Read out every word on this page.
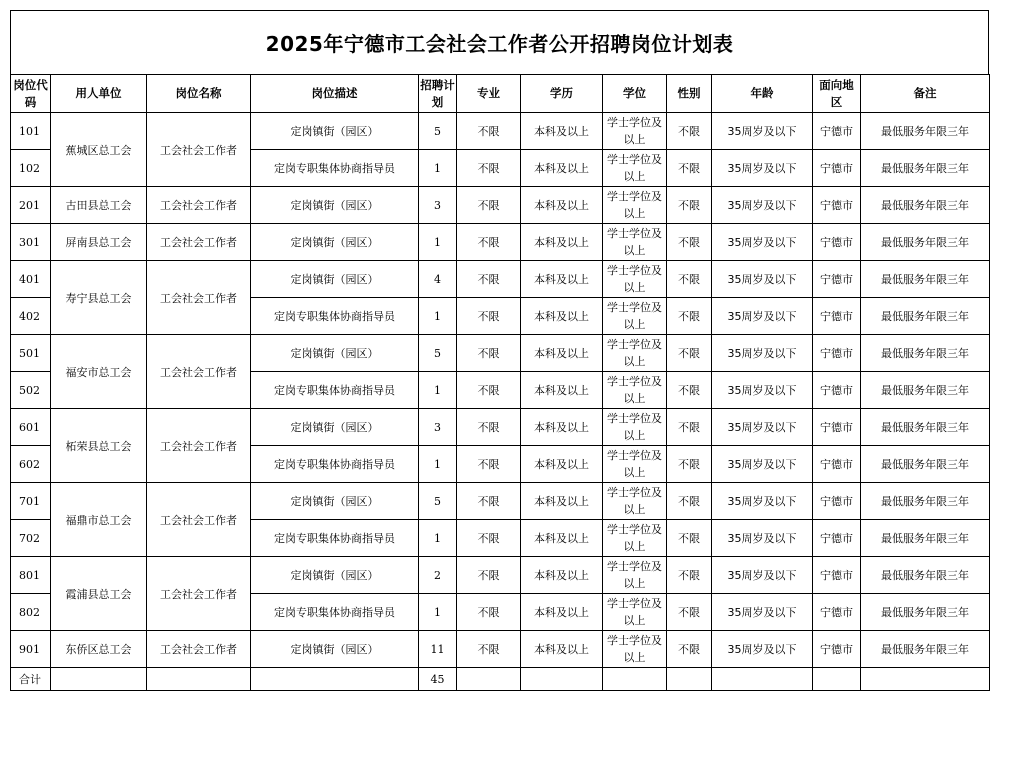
2025年宁德市工会社会工作者公开招聘岗位计划表
岗位代码	用人单位	岗位名称	岗位描述	招聘计划	专业	学历	学位	性别	年龄	面向地区	备注
101	蕉城区总工会	工会社会工作者	定岗镇街（园区）	5	不限	本科及以上	学士学位及以上	不限	35周岁及以下	宁德市	最低服务年限三年
102			定岗专职集体协商指导员	1	不限	本科及以上	学士学位及以上	不限	35周岁及以下	宁德市	最低服务年限三年
201	古田县总工会	工会社会工作者	定岗镇街（园区）	3	不限	本科及以上	学士学位及以上	不限	35周岁及以下	宁德市	最低服务年限三年
301	屏南县总工会	工会社会工作者	定岗镇街（园区）	1	不限	本科及以上	学士学位及以上	不限	35周岁及以下	宁德市	最低服务年限三年
401	寿宁县总工会	工会社会工作者	定岗镇街（园区）	4	不限	本科及以上	学士学位及以上	不限	35周岁及以下	宁德市	最低服务年限三年
402			定岗专职集体协商指导员	1	不限	本科及以上	学士学位及以上	不限	35周岁及以下	宁德市	最低服务年限三年
501	福安市总工会	工会社会工作者	定岗镇街（园区）	5	不限	本科及以上	学士学位及以上	不限	35周岁及以下	宁德市	最低服务年限三年
502			定岗专职集体协商指导员	1	不限	本科及以上	学士学位及以上	不限	35周岁及以下	宁德市	最低服务年限三年
601	柘荣县总工会	工会社会工作者	定岗镇街（园区）	3	不限	本科及以上	学士学位及以上	不限	35周岁及以下	宁德市	最低服务年限三年
602			定岗专职集体协商指导员	1	不限	本科及以上	学士学位及以上	不限	35周岁及以下	宁德市	最低服务年限三年
701	福鼎市总工会	工会社会工作者	定岗镇街（园区）	5	不限	本科及以上	学士学位及以上	不限	35周岁及以下	宁德市	最低服务年限三年
702			定岗专职集体协商指导员	1	不限	本科及以上	学士学位及以上	不限	35周岁及以下	宁德市	最低服务年限三年
801	霞浦县总工会	工会社会工作者	定岗镇街（园区）	2	不限	本科及以上	学士学位及以上	不限	35周岁及以下	宁德市	最低服务年限三年
802			定岗专职集体协商指导员	1	不限	本科及以上	学士学位及以上	不限	35周岁及以下	宁德市	最低服务年限三年
901	东侨区总工会	工会社会工作者	定岗镇街（园区）	11	不限	本科及以上	学士学位及以上	不限	35周岁及以下	宁德市	最低服务年限三年
合计				45							
